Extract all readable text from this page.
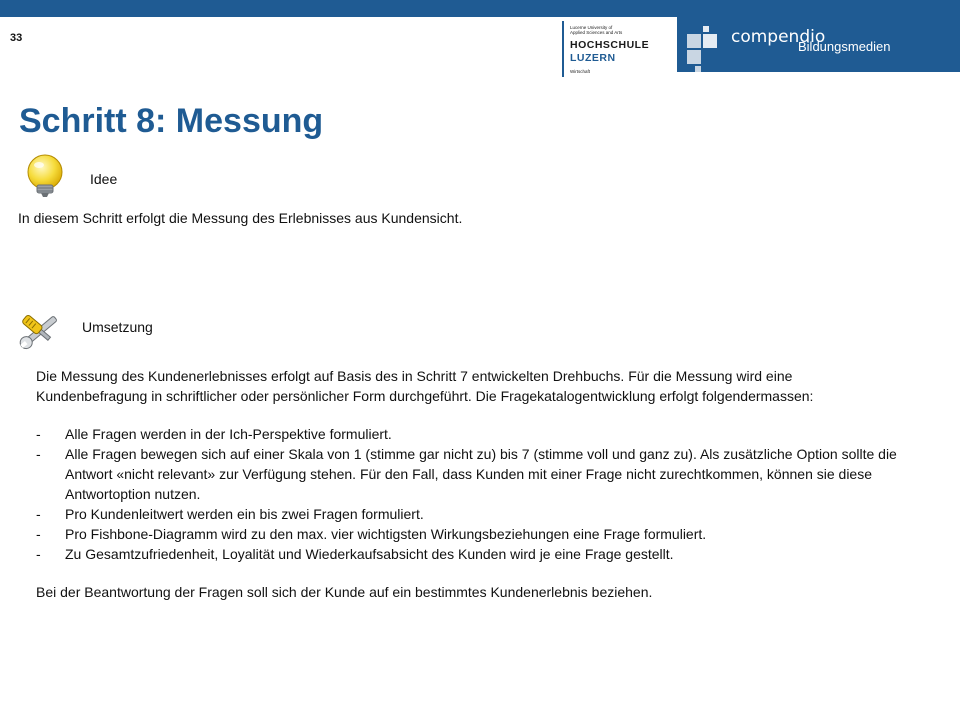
33
Lucerne University of
Applied Sciences and Arts
HOCHSCHULE
LUZERN
Wirtschaft
compendio
Bildungsmedien
Schritt 8: Messung
Idee
In diesem Schritt erfolgt die Messung des Erlebnisses aus Kundensicht.
Umsetzung

Die Messung des Kundenerlebnisses erfolgt auf Basis des in Schritt 7 entwickelten Drehbuchs. Für die Messung wird eine

Kundenbefragung in schriftlicher oder persönlicher Form durchgeführt. Die Fragekatalogentwicklung erfolgt folgendermassen:

- Alle Fragen werden in der Ich-Perspektive formuliert.
- Alle Fragen bewegen sich auf einer Skala von 1 (stimme gar nicht zu) bis 7 (stimme voll und ganz zu). Als zusätzliche Option sollte die Antwort «nicht relevant» zur Verfügung stehen. Für den Fall, dass Kunden mit einer Frage nicht zurechtkommen, können sie diese Antwortoption nutzen.
- Pro Kundenleitwert werden ein bis zwei Fragen formuliert.
- Pro Fishbone-Diagramm wird zu den max. vier wichtigsten Wirkungsbeziehungen eine Frage formuliert.
- Zu Gesamtzufriedenheit, Loyalität und Wiederkaufsabsicht des Kunden wird je eine Frage gestellt.

Bei der Beantwortung der Fragen soll sich der Kunde auf ein bestimmtes Kundenerlebnis beziehen.
